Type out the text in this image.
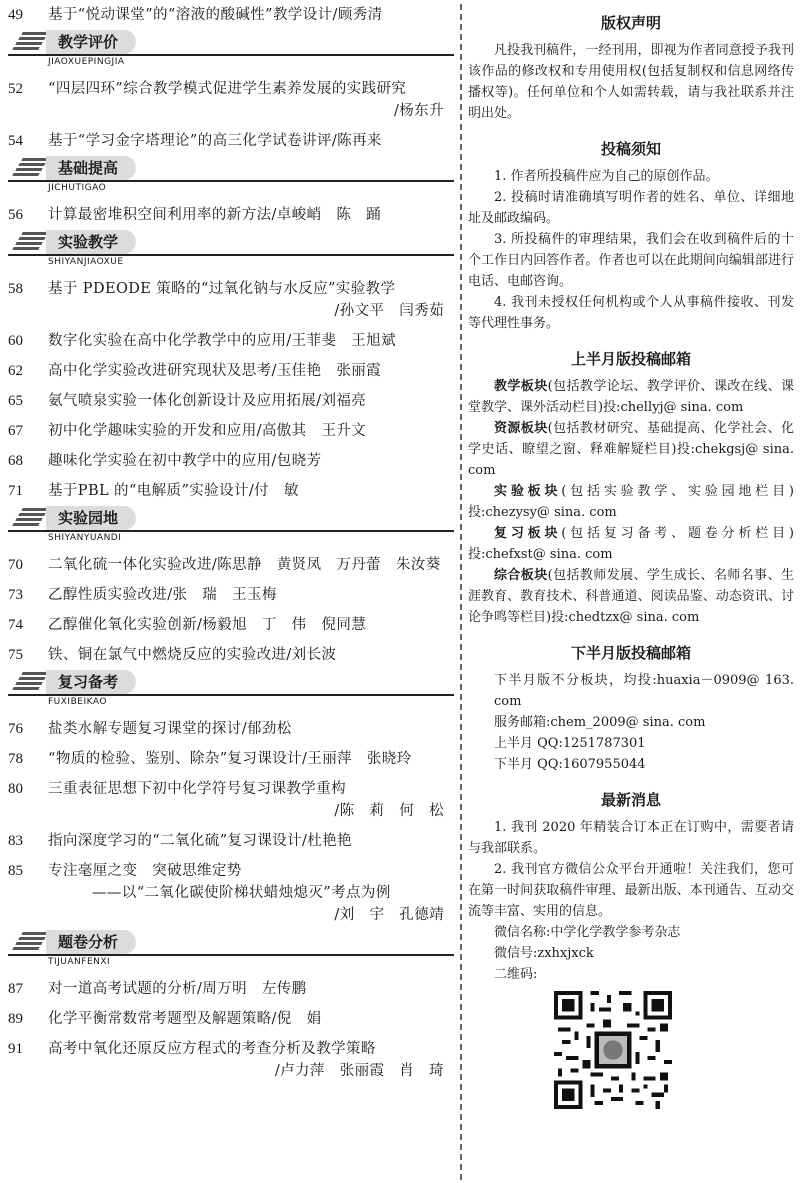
49	基于“悦动课堂”的“溶液的酸碱性”教学设计/顾秀清
教学评价
JIAOXUEPINGJIA
52	“四层四环”综合教学模式促进学生素养发展的实践研究
/杨东升
54	基于“学习金字塔理论”的高三化学试卷讲评/陈再来
基础提高
JICHUTIGAO
56	计算最密堆积空间利用率的新方法/卓峻峭　陈　踊
实验教学
SHIYANJIAOXUE
58	基于 PDEODE 策略的“过氧化钠与水反应”实验教学
/孙文平　闫秀茹
60	数字化实验在高中化学教学中的应用/王菲斐　王旭斌
62	高中化学实验改进研究现状及思考/玉佳艳　张丽霞
65	氨气喷泉实验一体化创新设计及应用拓展/刘福亮
67	初中化学趣味实验的开发和应用/高傲其　王升文
68	趣味化学实验在初中教学中的应用/包晓芳
71	基于PBL 的“电解质”实验设计/付　敏
实验园地
SHIYANYUANDI
70	二氧化硫一体化实验改进/陈思静　黄贤凤　万丹蕾　朱汝葵
73	乙醇性质实验改进/张　瑞　王玉梅
74	乙醇催化氧化实验创新/杨毅旭　丁　伟　倪同慧
75	铁、铜在氯气中燃烧反应的实验改进/刘长波
复习备考
FUXIBEIKAO
76	盐类水解专题复习课堂的探讨/郁劲松
78	“物质的检验、鉴别、除杂”复习课设计/王丽萍　张晓玲
80	三重表征思想下初中化学符号复习课教学重构
/陈　莉　何　松
83	指向深度学习的“二氧化硫”复习课设计/杜艳艳
85	专注毫厘之变　突破思维定势
——以“二氧化碳使阶梯状蜡烛熄灭”考点为例
/刘　宇　孔德靖
题卷分析
TIJUANFENXI
87	对一道高考试题的分析/周万明　左传鹏
89	化学平衡常数常考题型及解题策略/倪　娟
91	高考中氧化还原反应方程式的考查分析及教学策略
/卢力萍　张丽霞　肖　琦
版权声明
凡投我刊稿件，一经刊用，即视为作者同意授予我刊该作品的修改权和专用使用权(包括复制权和信息网络传播权等)。任何单位和个人如需转载，请与我社联系并注明出处。
投稿须知
1. 作者所投稿件应为自己的原创作品。
2. 投稿时请准确填写明作者的姓名、单位、详细地址及邮政编码。
3. 所投稿件的审理结果，我们会在收到稿件后的十个工作日内回答作者。作者也可以在此期间向编辑部进行电话、电邮咨询。
4. 我刊未授权任何机构或个人从事稿件接收、刊发等代理性事务。
上半月版投稿邮箱
教学板块(包括教学论坛、教学评价、课改在线、课堂教学、课外活动栏目)投:chellyj@ sina. com
资源板块(包括教材研究、基础提高、化学社会、化学史话、瞭望之窗、释难解疑栏目)投:chekgsj@ sina. com
实验板块(包括实验教学、实验园地栏目)投:chezysy@ sina. com
复习板块(包括复习备考、题卷分析栏目)投:chefxst@ sina. com
综合板块(包括教师发展、学生成长、名师名事、生涯教育、教育技术、科普通道、阅读品鉴、动态资讯、讨论争鸣等栏目)投:chedtzx@ sina. com
下半月版投稿邮箱
下半月版不分板块，均投:huaxia－0909@ 163. com
服务邮箱:chem_2009@ sina. com
上半月 QQ:1251787301
下半月 QQ:1607955044
最新消息
1. 我刊 2020 年精装合订本正在订购中，需要者请与我部联系。
2. 我刊官方微信公众平台开通啦！关注我们，您可在第一时间获取稿件审理、最新出版、本刊通告、互动交流等丰富、实用的信息。
微信名称:中学化学教学参考杂志
微信号:zxhxjxck
二维码:
